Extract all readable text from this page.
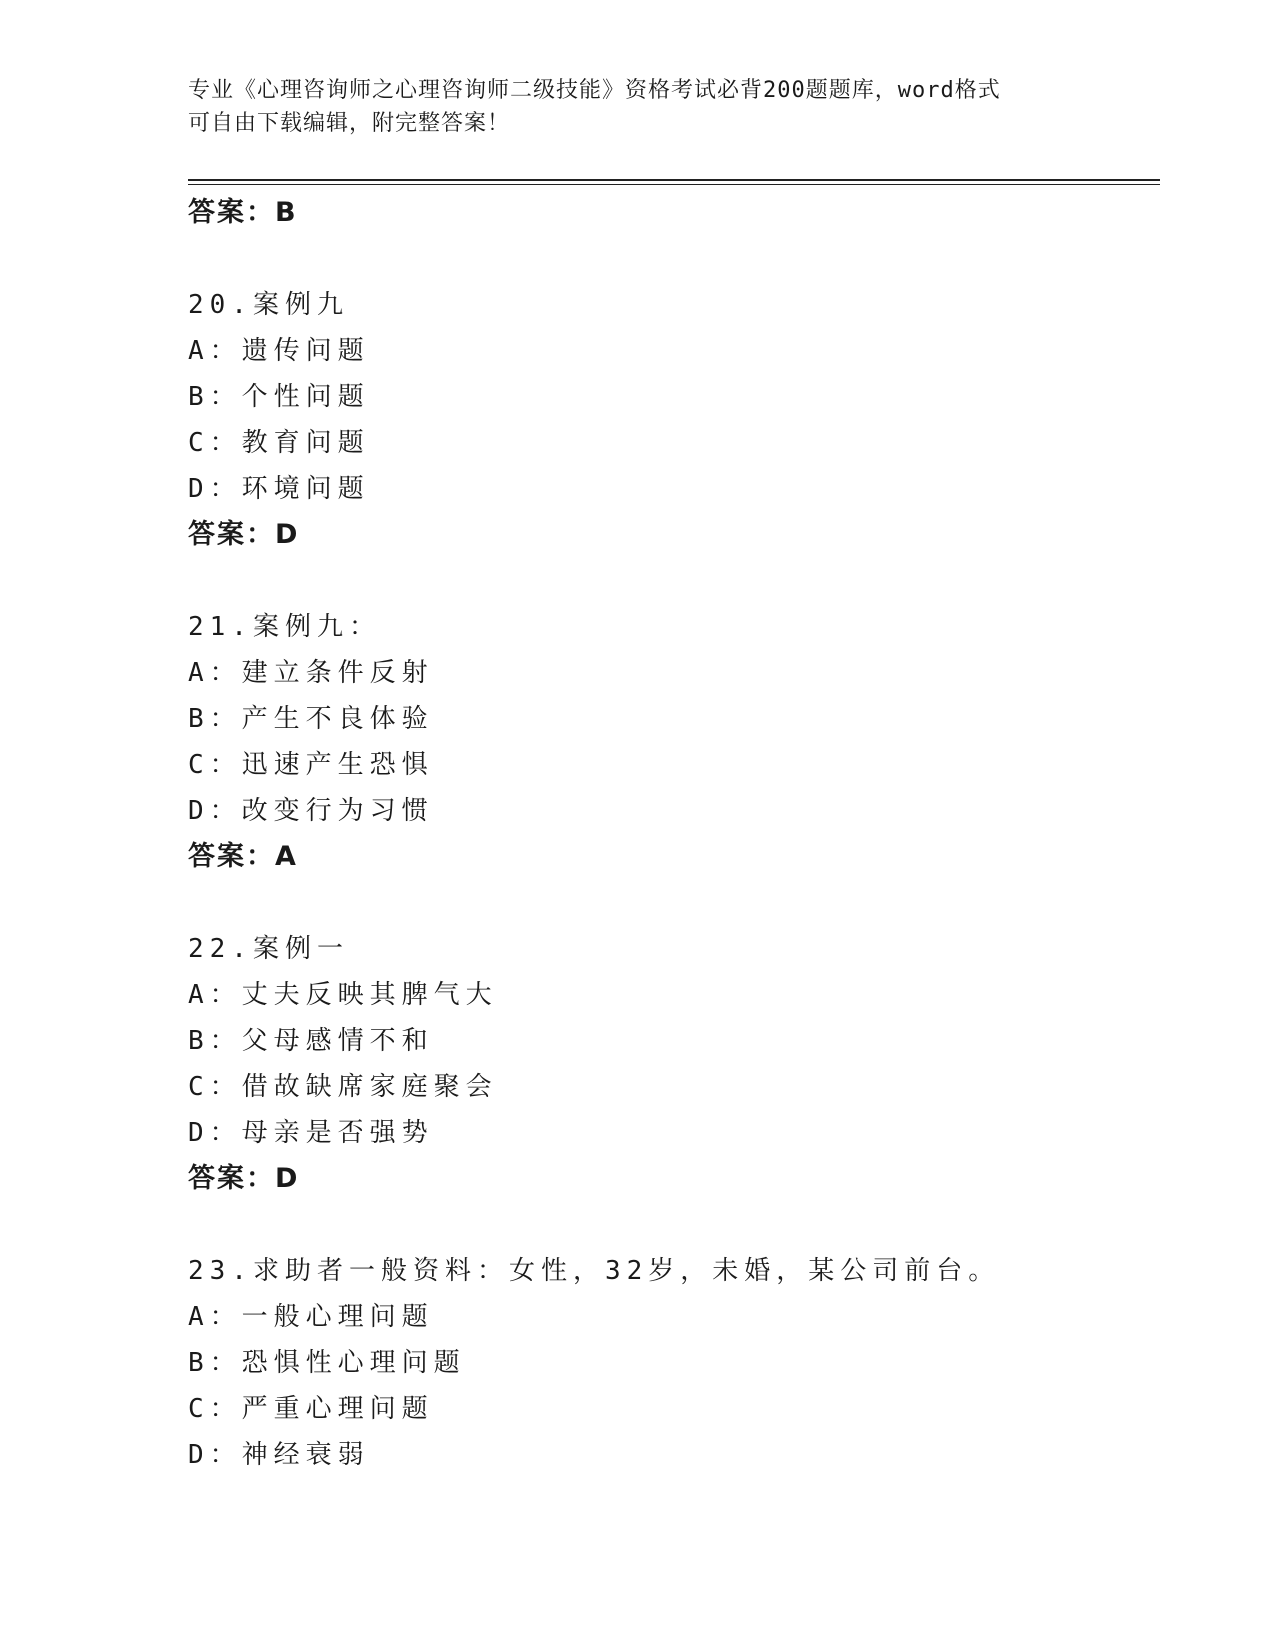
专业《心理咨询师之心理咨询师二级技能》资格考试必背200题题库，word格式
可自由下载编辑，附完整答案！
答案：B
20.案例九
A：遗传问题
B：个性问题
C：教育问题
D：环境问题
答案：D
21.案例九：
A：建立条件反射
B：产生不良体验
C：迅速产生恐惧
D：改变行为习惯
答案：A
22.案例一
A：丈夫反映其脾气大
B：父母感情不和
C：借故缺席家庭聚会
D：母亲是否强势
答案：D
23.求助者一般资料：女性，32岁，未婚，某公司前台。
A：一般心理问题
B：恐惧性心理问题
C：严重心理问题
D：神经衰弱
